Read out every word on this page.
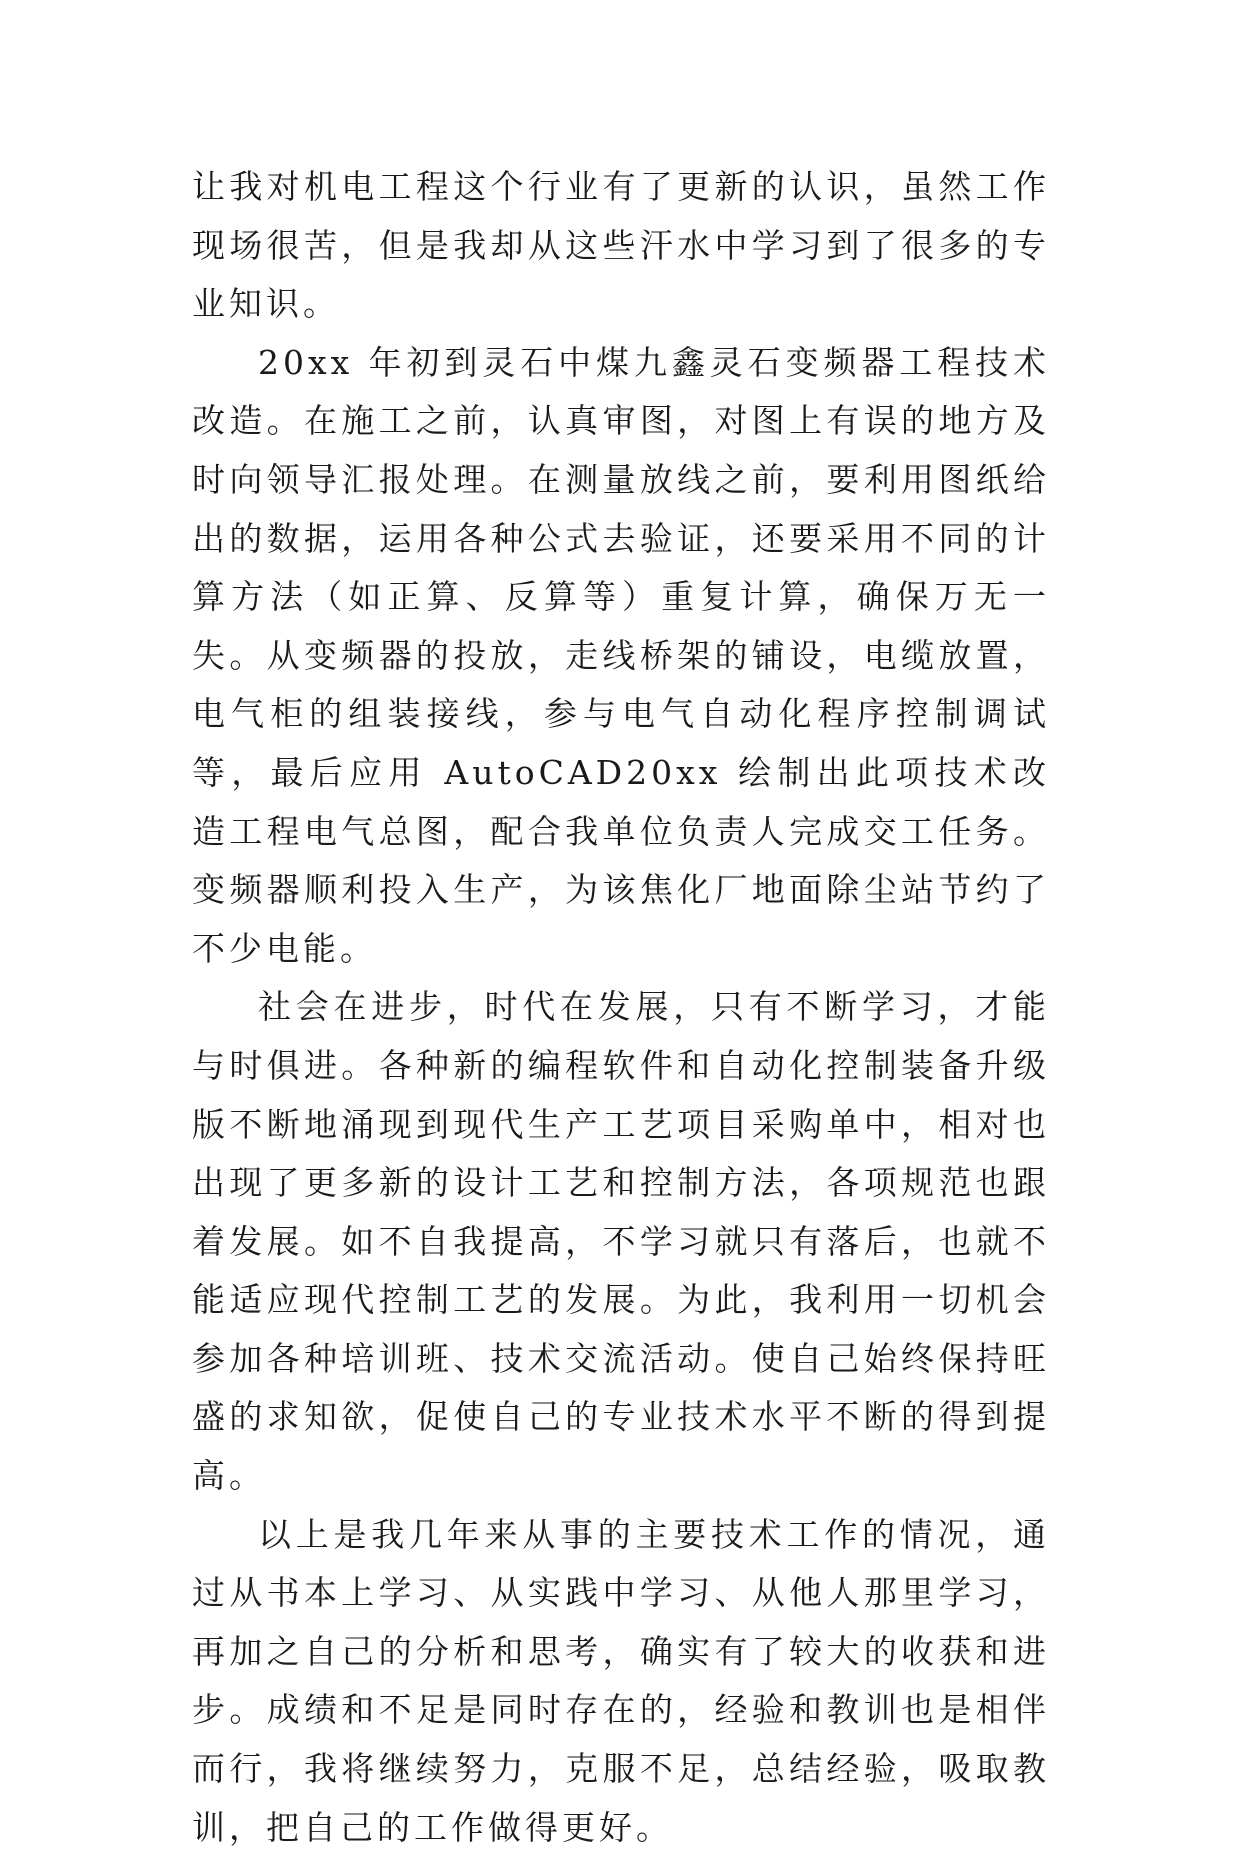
让我对机电工程这个行业有了更新的认识，虽然工作现场很苦，但是我却从这些汗水中学习到了很多的专业知识。

20xx 年初到灵石中煤九鑫灵石变频器工程技术改造。在施工之前，认真审图，对图上有误的地方及时向领导汇报处理。在测量放线之前，要利用图纸给出的数据，运用各种公式去验证，还要采用不同的计算方法（如正算、反算等）重复计算，确保万无一失。从变频器的投放，走线桥架的铺设，电缆放置，电气柜的组装接线，参与电气自动化程序控制调试等，最后应用 AutoCAD20xx 绘制出此项技术改造工程电气总图，配合我单位负责人完成交工任务。变频器顺利投入生产，为该焦化厂地面除尘站节约了不少电能。

社会在进步，时代在发展，只有不断学习，才能与时俱进。各种新的编程软件和自动化控制装备升级版不断地涌现到现代生产工艺项目采购单中，相对也出现了更多新的设计工艺和控制方法，各项规范也跟着发展。如不自我提高，不学习就只有落后，也就不能适应现代控制工艺的发展。为此，我利用一切机会参加各种培训班、技术交流活动。使自己始终保持旺盛的求知欲，促使自己的专业技术水平不断的得到提高。

以上是我几年来从事的主要技术工作的情况，通过从书本上学习、从实践中学习、从他人那里学习，再加之自己的分析和思考，确实有了较大的收获和进步。成绩和不足是同时存在的，经验和教训也是相伴而行，我将继续努力，克服不足，总结经验，吸取教训，把自己的工作做得更好。
